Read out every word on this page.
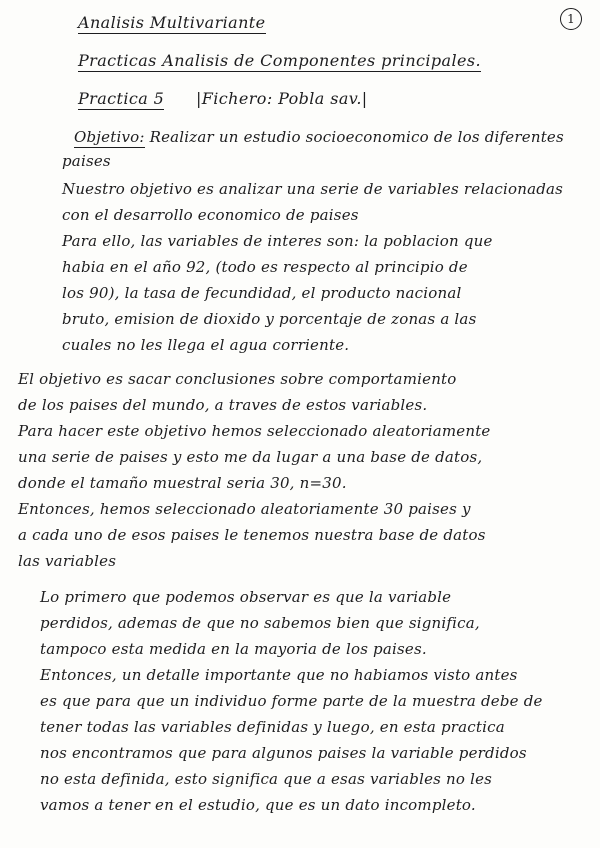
Analisis Multivariante	1
Practicas Analisis de Componentes principales.
Practica 5 |Fichero: Pobla sav.|
Objetivo: Realizar un estudio socioeconomico de los diferentes
paises
Nuestro objetivo es analizar una serie de variables relacionadas
con el desarrollo economico de paises
Para ello, las variables de interes son: la poblacion que
habia en el año 92, (todo es respecto al principio de
los 90), la tasa de fecundidad, el producto nacional
bruto, emision de dioxido y porcentaje de zonas a las
cuales no les llega el agua corriente.
El objetivo es sacar conclusiones sobre comportamiento
de los paises del mundo, a traves de estos variables.
Para hacer este objetivo hemos seleccionado aleatoriamente
una serie de paises y esto me da lugar a una base de datos,
donde el tamaño muestral seria 30, n=30.
Entonces, hemos seleccionado aleatoriamente 30 paises y
a cada uno de esos paises le tenemos nuestra base de datos
las variables
Lo primero que podemos observar es que la variable
perdidos, ademas de que no sabemos bien que significa,
tampoco esta medida en la mayoria de los paises.
Entonces, un detalle importante que no habiamos visto antes
es que para que un individuo forme parte de la muestra debe de
tener todas las variables definidas y luego, en esta practica
nos encontramos que para algunos paises la variable perdidos
no esta definida, esto significa que a esas variables no les
vamos a tener en el estudio, que es un dato incompleto.
